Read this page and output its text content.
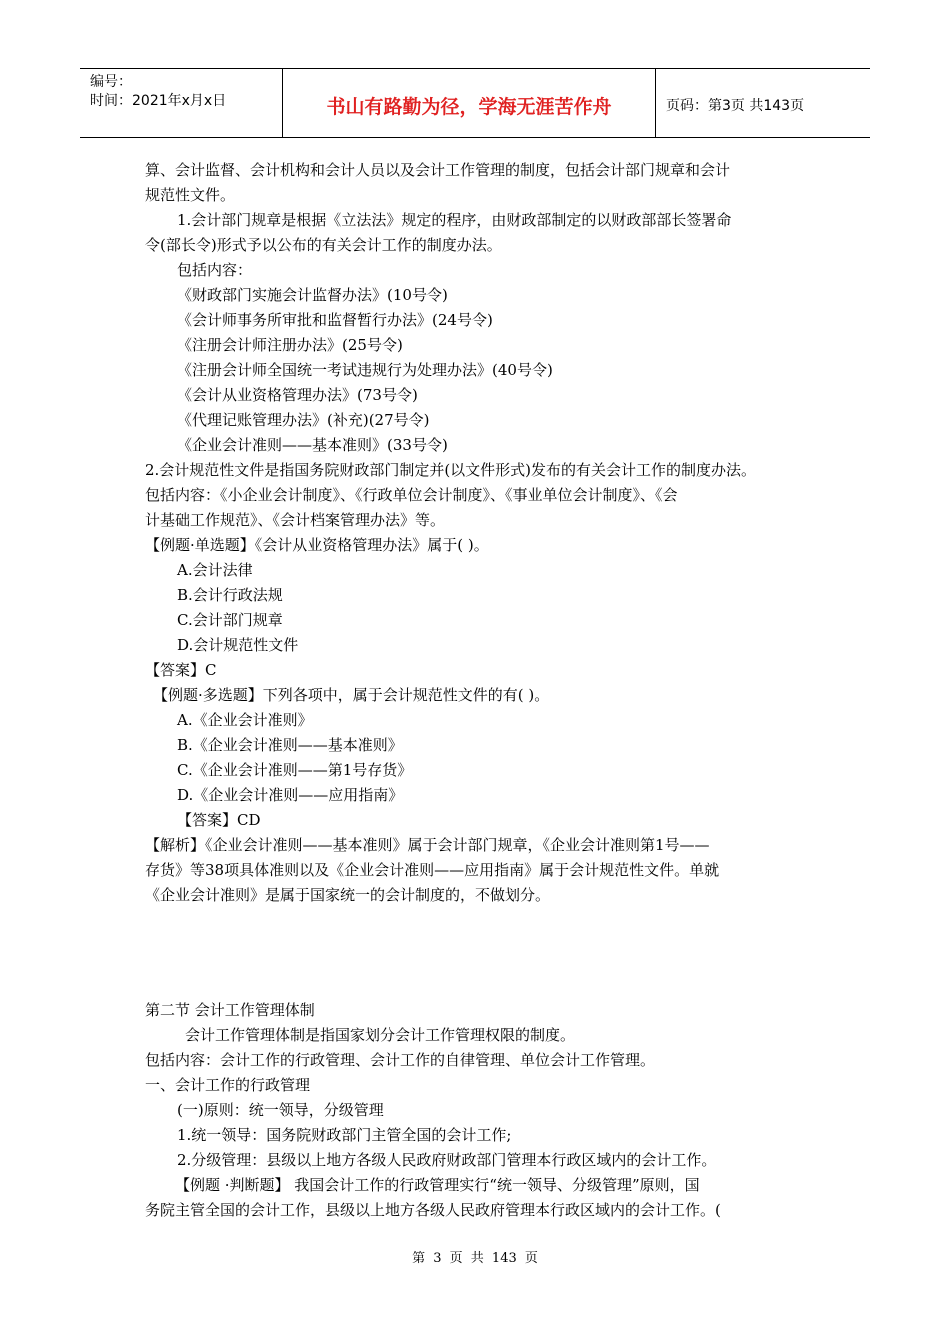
编号：
时间：2021年x月x日	书山有路勤为径，学海无涯苦作舟	页码：第3页 共143页

算、会计监督、会计机构和会计人员以及会计工作管理的制度，包括会计部门规章和会计

规范性文件。

1.会计部门规章是根据《立法法》规定的程序，由财政部制定的以财政部部长签署命

令(部长令)形式予以公布的有关会计工作的制度办法。

包括内容：

《财政部门实施会计监督办法》(10号令)

《会计师事务所审批和监督暂行办法》(24号令)

《注册会计师注册办法》(25号令)

《注册会计师全国统一考试违规行为处理办法》(40号令)

《会计从业资格管理办法》(73号令)

《代理记账管理办法》(补充)(27号令)

《企业会计准则——基本准则》(33号令)

2.会计规范性文件是指国务院财政部门制定并(以文件形式)发布的有关会计工作的制度办法。

包括内容：《小企业会计制度》、《行政单位会计制度》、《事业单位会计制度》、《会

计基础工作规范》、《会计档案管理办法》等。

【例题·单选题】《会计从业资格管理办法》属于( )。

A.会计法律

B.会计行政法规

C.会计部门规章

D.会计规范性文件

【答案】C

【例题·多选题】下列各项中，属于会计规范性文件的有( )。

A.《企业会计准则》

B.《企业会计准则——基本准则》

C.《企业会计准则——第1号存货》

D.《企业会计准则——应用指南》

【答案】CD

【解析】《企业会计准则——基本准则》属于会计部门规章，《企业会计准则第1号——

存货》等38项具体准则以及《企业会计准则——应用指南》属于会计规范性文件。单就

《企业会计准则》是属于国家统一的会计制度的，不做划分。

第二节 会计工作管理体制

会计工作管理体制是指国家划分会计工作管理权限的制度。

包括内容：会计工作的行政管理、会计工作的自律管理、单位会计工作管理。

一、会计工作的行政管理

(一)原则：统一领导，分级管理

1.统一领导：国务院财政部门主管全国的会计工作;

2.分级管理：县级以上地方各级人民政府财政部门管理本行政区域内的会计工作。

【例题 ·判断题】 我国会计工作的行政管理实行“统一领导、分级管理”原则，国

务院主管全国的会计工作，县级以上地方各级人民政府管理本行政区域内的会计工作。(

第 3 页 共 143 页
